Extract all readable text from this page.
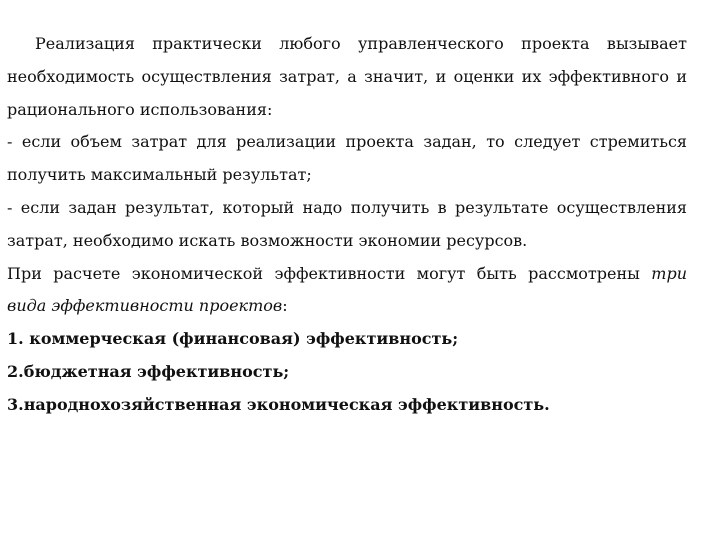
Реализация практически любого управленческого проекта вызывает необходимость осуществления затрат, а значит, и оценки их эффективного и рационального использования:

- если объем затрат для реализации проекта задан, то следует стремиться получить максимальный результат;

- если задан результат, который надо получить в результате осуществления затрат, необходимо искать возможности экономии ресурсов.

При расчете экономической эффективности могут быть рассмотрены три вида эффективности проектов:

1. коммерческая (финансовая) эффективность;

2.бюджетная эффективность;

3.народнохозяйственная экономическая эффективность.
